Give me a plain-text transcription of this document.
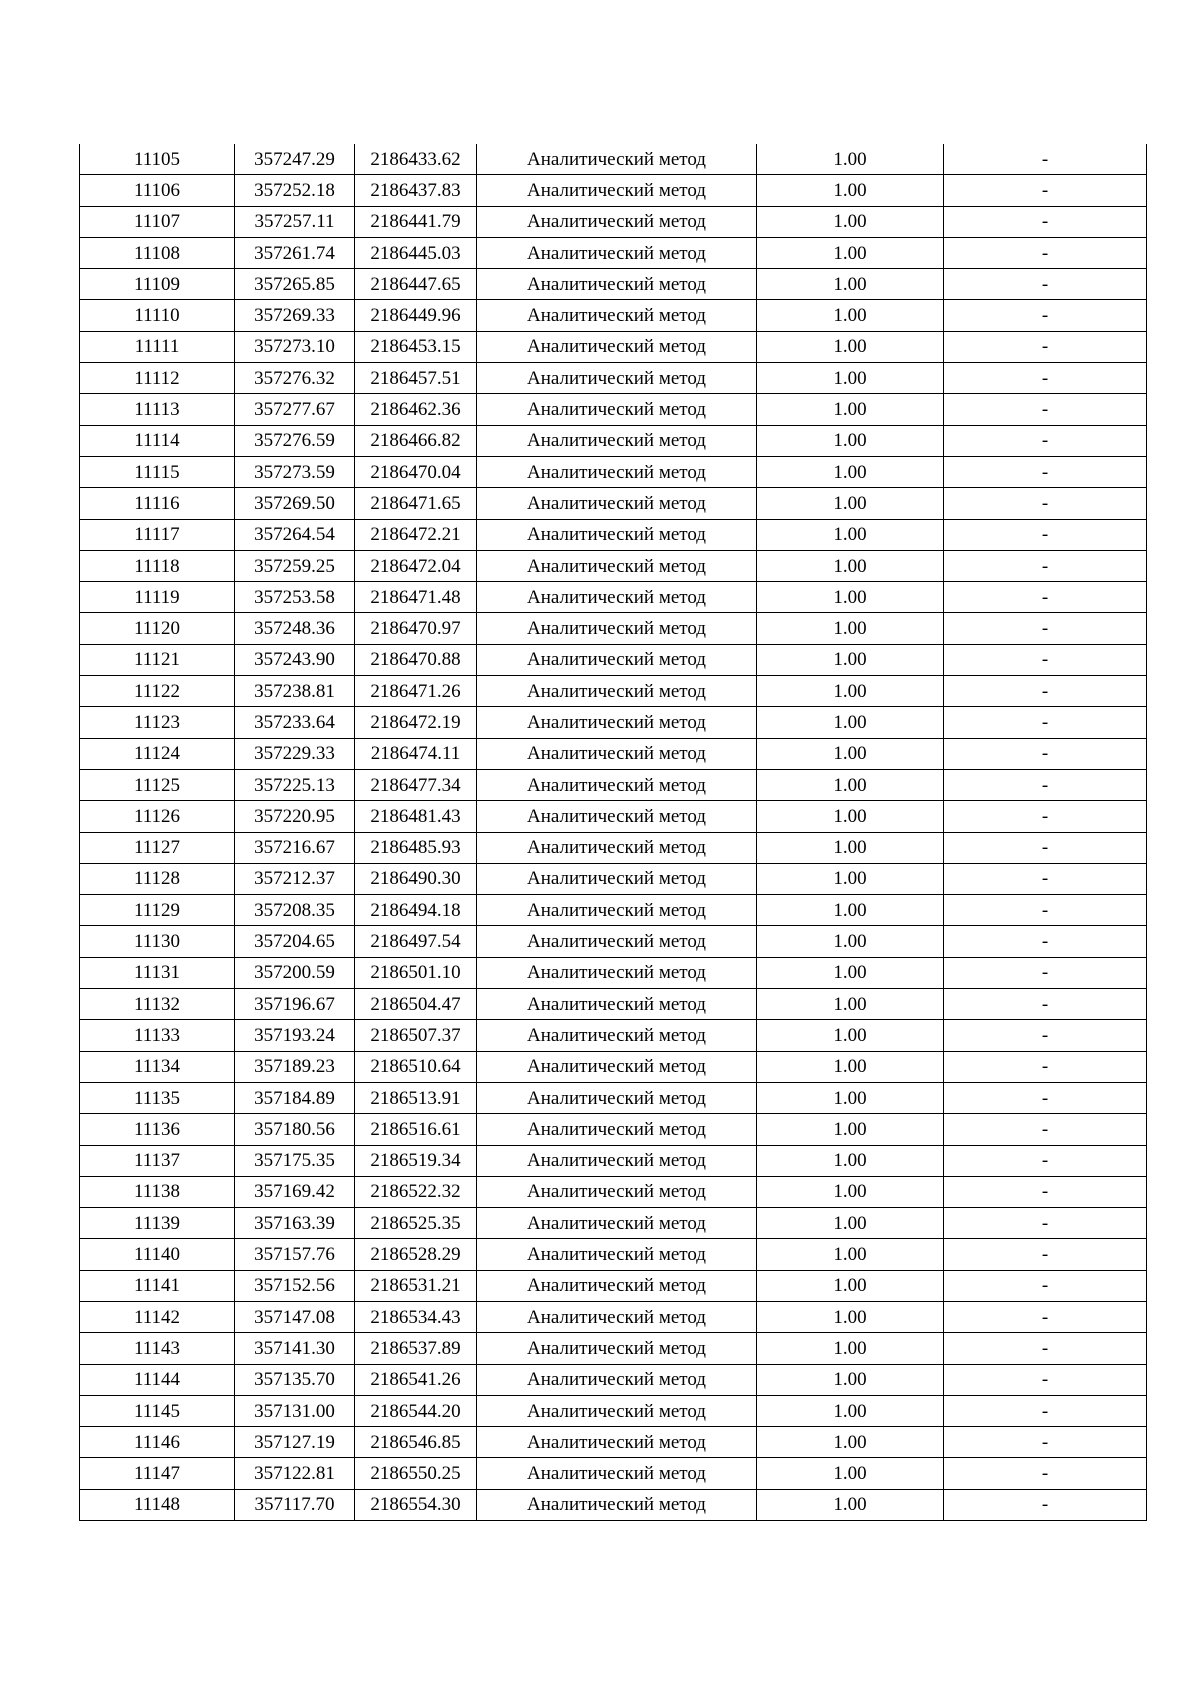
11105	357247.29	2186433.62	Аналитический метод	1.00	-
11106	357252.18	2186437.83	Аналитический метод	1.00	-
11107	357257.11	2186441.79	Аналитический метод	1.00	-
11108	357261.74	2186445.03	Аналитический метод	1.00	-
11109	357265.85	2186447.65	Аналитический метод	1.00	-
11110	357269.33	2186449.96	Аналитический метод	1.00	-
11111	357273.10	2186453.15	Аналитический метод	1.00	-
11112	357276.32	2186457.51	Аналитический метод	1.00	-
11113	357277.67	2186462.36	Аналитический метод	1.00	-
11114	357276.59	2186466.82	Аналитический метод	1.00	-
11115	357273.59	2186470.04	Аналитический метод	1.00	-
11116	357269.50	2186471.65	Аналитический метод	1.00	-
11117	357264.54	2186472.21	Аналитический метод	1.00	-
11118	357259.25	2186472.04	Аналитический метод	1.00	-
11119	357253.58	2186471.48	Аналитический метод	1.00	-
11120	357248.36	2186470.97	Аналитический метод	1.00	-
11121	357243.90	2186470.88	Аналитический метод	1.00	-
11122	357238.81	2186471.26	Аналитический метод	1.00	-
11123	357233.64	2186472.19	Аналитический метод	1.00	-
11124	357229.33	2186474.11	Аналитический метод	1.00	-
11125	357225.13	2186477.34	Аналитический метод	1.00	-
11126	357220.95	2186481.43	Аналитический метод	1.00	-
11127	357216.67	2186485.93	Аналитический метод	1.00	-
11128	357212.37	2186490.30	Аналитический метод	1.00	-
11129	357208.35	2186494.18	Аналитический метод	1.00	-
11130	357204.65	2186497.54	Аналитический метод	1.00	-
11131	357200.59	2186501.10	Аналитический метод	1.00	-
11132	357196.67	2186504.47	Аналитический метод	1.00	-
11133	357193.24	2186507.37	Аналитический метод	1.00	-
11134	357189.23	2186510.64	Аналитический метод	1.00	-
11135	357184.89	2186513.91	Аналитический метод	1.00	-
11136	357180.56	2186516.61	Аналитический метод	1.00	-
11137	357175.35	2186519.34	Аналитический метод	1.00	-
11138	357169.42	2186522.32	Аналитический метод	1.00	-
11139	357163.39	2186525.35	Аналитический метод	1.00	-
11140	357157.76	2186528.29	Аналитический метод	1.00	-
11141	357152.56	2186531.21	Аналитический метод	1.00	-
11142	357147.08	2186534.43	Аналитический метод	1.00	-
11143	357141.30	2186537.89	Аналитический метод	1.00	-
11144	357135.70	2186541.26	Аналитический метод	1.00	-
11145	357131.00	2186544.20	Аналитический метод	1.00	-
11146	357127.19	2186546.85	Аналитический метод	1.00	-
11147	357122.81	2186550.25	Аналитический метод	1.00	-
11148	357117.70	2186554.30	Аналитический метод	1.00	-
